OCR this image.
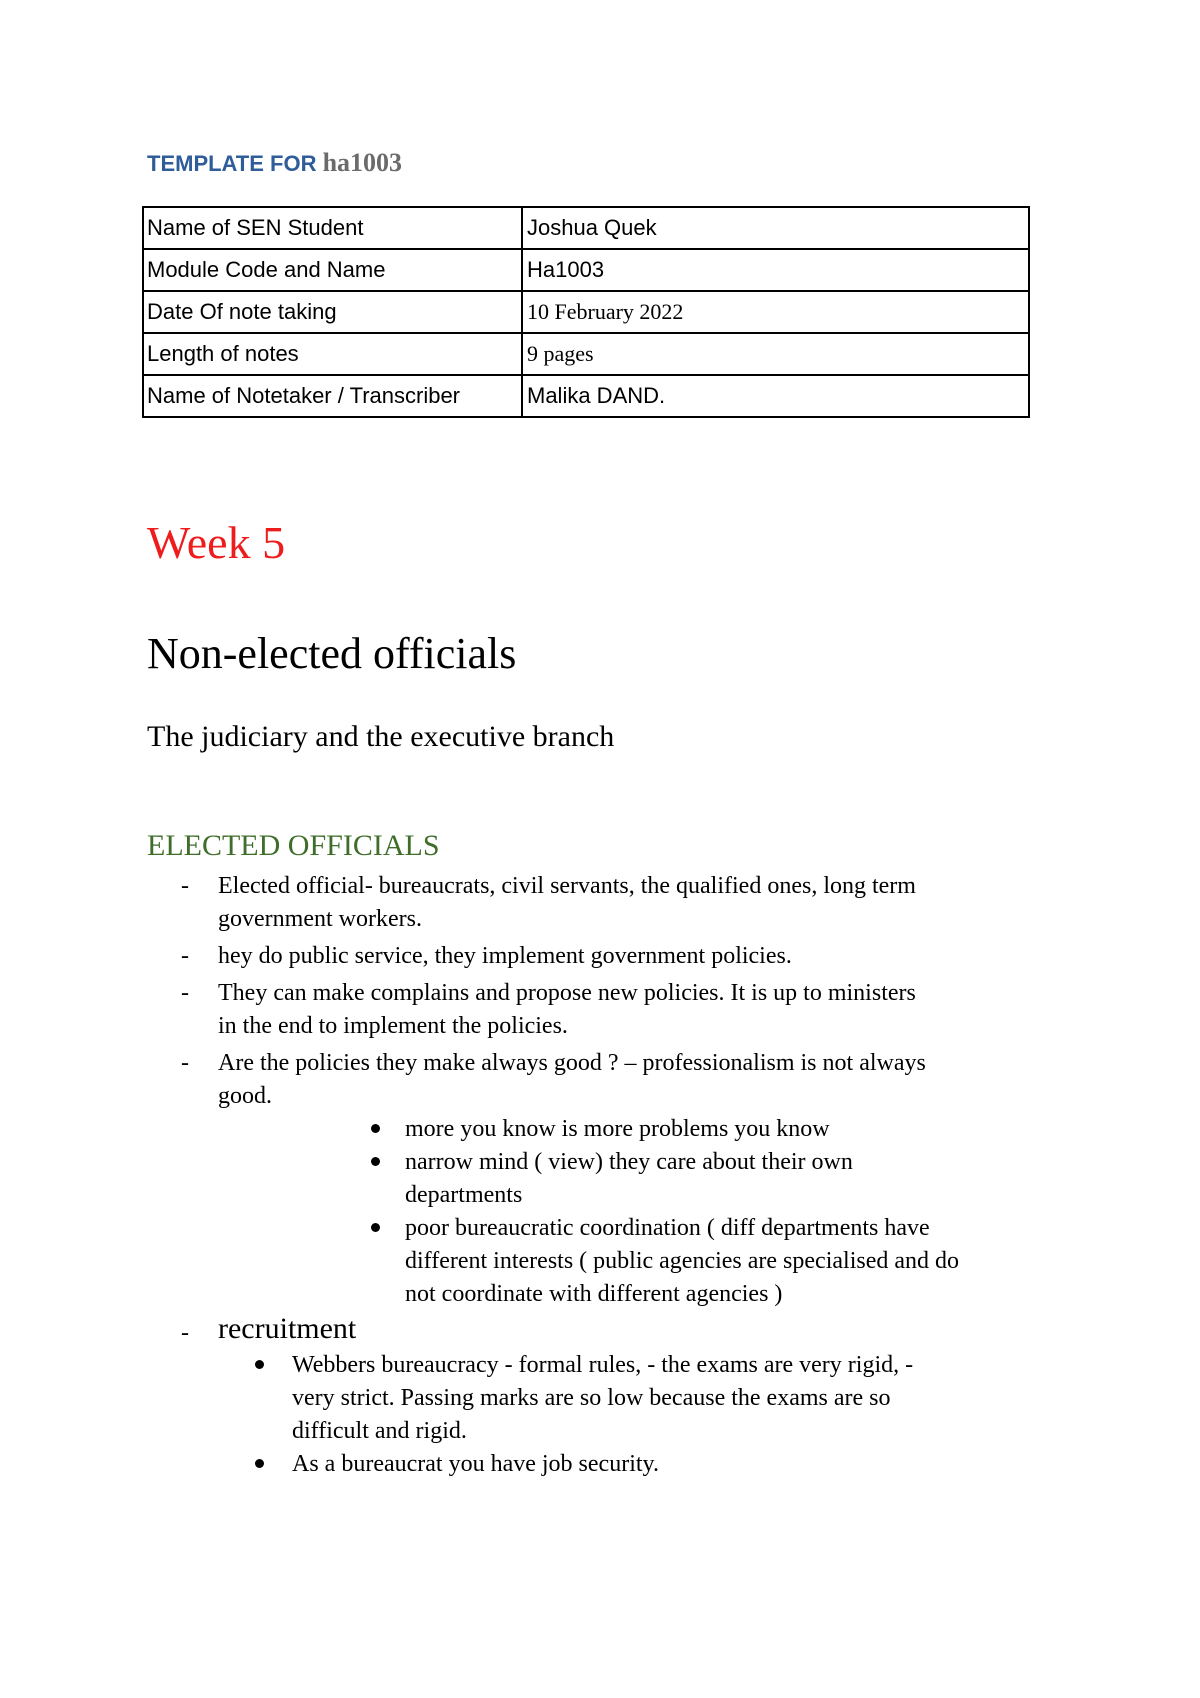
TEMPLATE FOR ha1003
Name of SEN Student	Joshua Quek
Module Code and Name	Ha1003
Date Of note taking	10 February 2022
Length of notes	9 pages
Name of Notetaker / Transcriber	Malika DAND.
Week 5
Non-elected officials
The judiciary and the executive branch
ELECTED OFFICIALS
- Elected official- bureaucrats, civil servants, the qualified ones, long term
government workers.
- hey do public service, they implement government policies.
- They can make complains and propose new policies. It is up to ministers
in the end to implement the policies.
- Are the policies they make always good ? – professionalism is not always
good.
more you know is more problems you know
narrow mind ( view) they care about their own
departments
poor bureaucratic coordination ( diff departments have
different interests ( public agencies are specialised and do
not coordinate with different agencies )
- recruitment
Webbers bureaucracy - formal rules, - the exams are very rigid, -
very strict. Passing marks are so low because the exams are so
difficult and rigid.
As a bureaucrat you have job security.
